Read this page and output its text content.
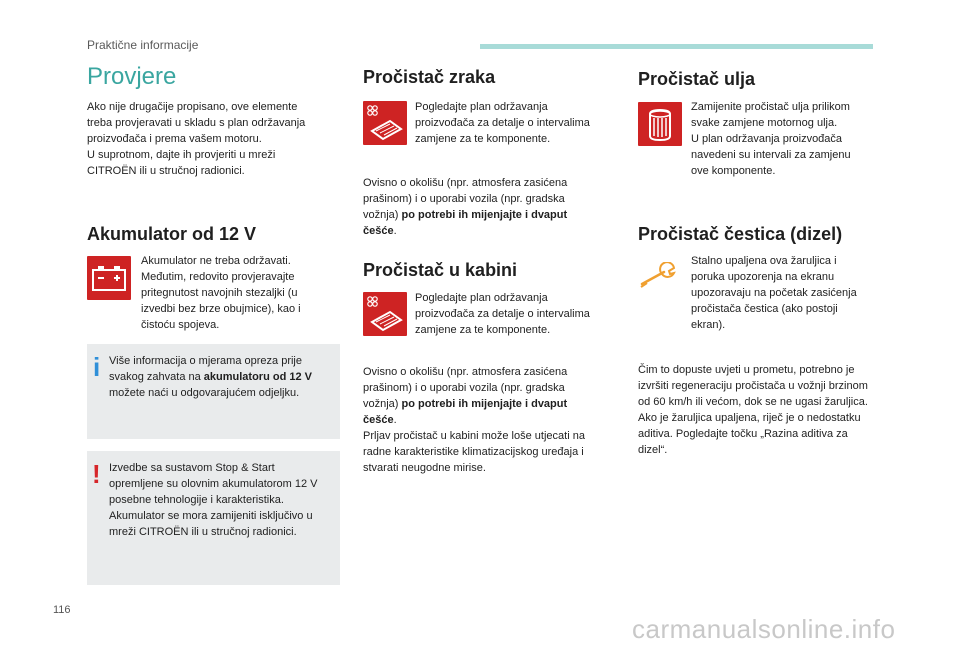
Praktične informacije
Provjere
Ako nije drugačije propisano, ove elemente
treba provjeravati u skladu s plan održavanja
proizvođača i prema vašem motoru.
U suprotnom, dajte ih provjeriti u mreži
CITROËN ili u stručnoj radionici.
Akumulator od 12 V
Akumulator ne treba održavati.
Međutim, redovito provjeravajte
pritegnutost navojnih stezaljki (u
izvedbi bez brze obujmice), kao i
čistoću spojeva.
i Više informacija o mjerama opreza prije
svakog zahvata na akumulatoru od 12 V
možete naći u odgovarajućem odjeljku.
! Izvedbe sa sustavom Stop & Start
opremljene su olovnim akumulatorom 12 V
posebne tehnologije i karakteristika.
Akumulator se mora zamijeniti isključivo u
mreži CITROËN ili u stručnoj radionici.
Pročistač zraka
Pogledajte plan održavanja
proizvođača za detalje o intervalima
zamjene za te komponente.
Ovisno o okolišu (npr. atmosfera zasićena
prašinom) i o uporabi vozila (npr. gradska
vožnja) po potrebi ih mijenjajte i dvaput
češće.
Pročistač u kabini
Pogledajte plan održavanja
proizvođača za detalje o intervalima
zamjene za te komponente.
Ovisno o okolišu (npr. atmosfera zasićena
prašinom) i o uporabi vozila (npr. gradska
vožnja) po potrebi ih mijenjajte i dvaput
češće.
Prljav pročistač u kabini može loše utjecati na
radne karakteristike klimatizacijskog uređaja i
stvarati neugodne mirise.
Pročistač ulja
Zamijenite pročistač ulja prilikom
svake zamjene motornog ulja.
U plan održavanja proizvođača
navedeni su intervali za zamjenu
ove komponente.
Pročistač čestica (dizel)
Stalno upaljena ova žaruljica i
poruka upozorenja na ekranu
upozoravaju na početak zasićenja
pročistača čestica (ako postoji
ekran).
Čim to dopuste uvjeti u prometu, potrebno je
izvršiti regeneraciju pročistača u vožnji brzinom
od 60 km/h ili većom, dok se ne ugasi žaruljica.
Ako je žaruljica upaljena, riječ je o nedostatku
aditiva. Pogledajte točku „Razina aditiva za
dizel“.
116
carmanualsonline.info
